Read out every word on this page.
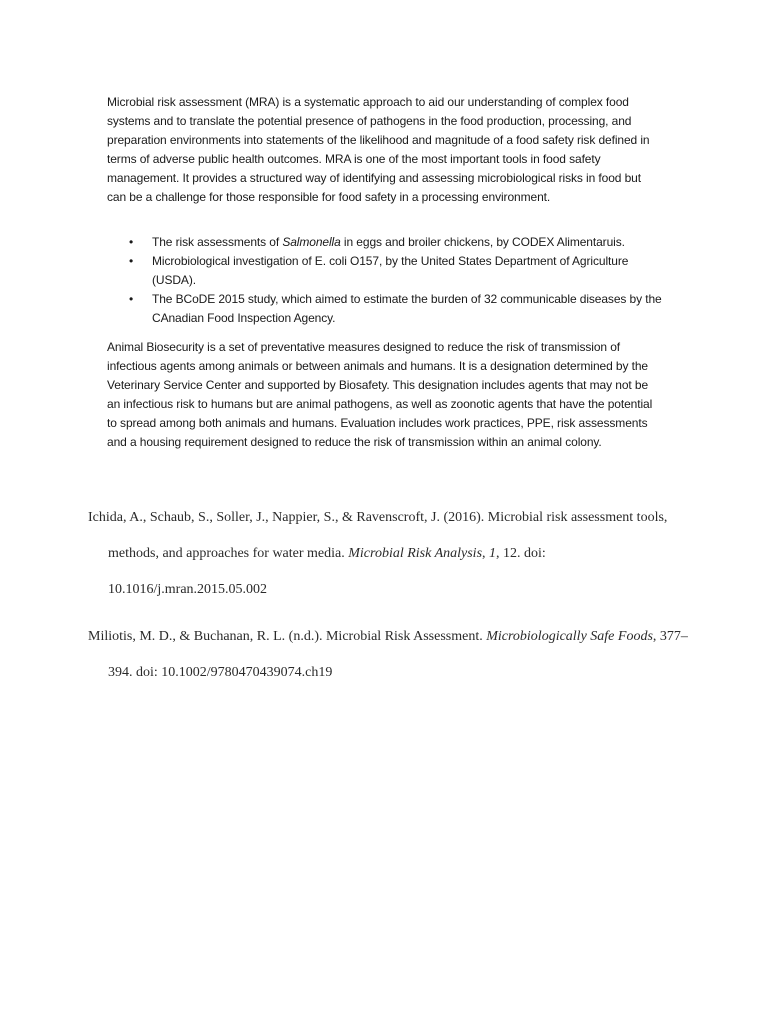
Microbial risk assessment (MRA) is a systematic approach to aid our understanding of complex food systems and to translate the potential presence of pathogens in the food production, processing, and preparation environments into statements of the likelihood and magnitude of a food safety risk defined in terms of adverse public health outcomes. MRA is one of the most important tools in food safety management. It provides a structured way of identifying and assessing microbiological risks in food but can be a challenge for those responsible for food safety in a processing environment.

• The risk assessments of Salmonella in eggs and broiler chickens, by CODEX Alimentaruis.
• Microbiological investigation of E. coli O157, by the United States Department of Agriculture (USDA).
• The BCoDE 2015 study, which aimed to estimate the burden of 32 communicable diseases by the CAnadian Food Inspection Agency.

Animal Biosecurity is a set of preventative measures designed to reduce the risk of transmission of infectious agents among animals or between animals and humans. It is a designation determined by the Veterinary Service Center and supported by Biosafety. This designation includes agents that may not be an infectious risk to humans but are animal pathogens, as well as zoonotic agents that have the potential to spread among both animals and humans. Evaluation includes work practices, PPE, risk assessments and a housing requirement designed to reduce the risk of transmission within an animal colony.

Ichida, A., Schaub, S., Soller, J., Nappier, S., & Ravenscroft, J. (2016). Microbial risk assessment tools, methods, and approaches for water media. Microbial Risk Analysis, 1, 12. doi: 10.1016/j.mran.2015.05.002

Miliotis, M. D., & Buchanan, R. L. (n.d.). Microbial Risk Assessment. Microbiologically Safe Foods, 377–394. doi: 10.1002/9780470439074.ch19
